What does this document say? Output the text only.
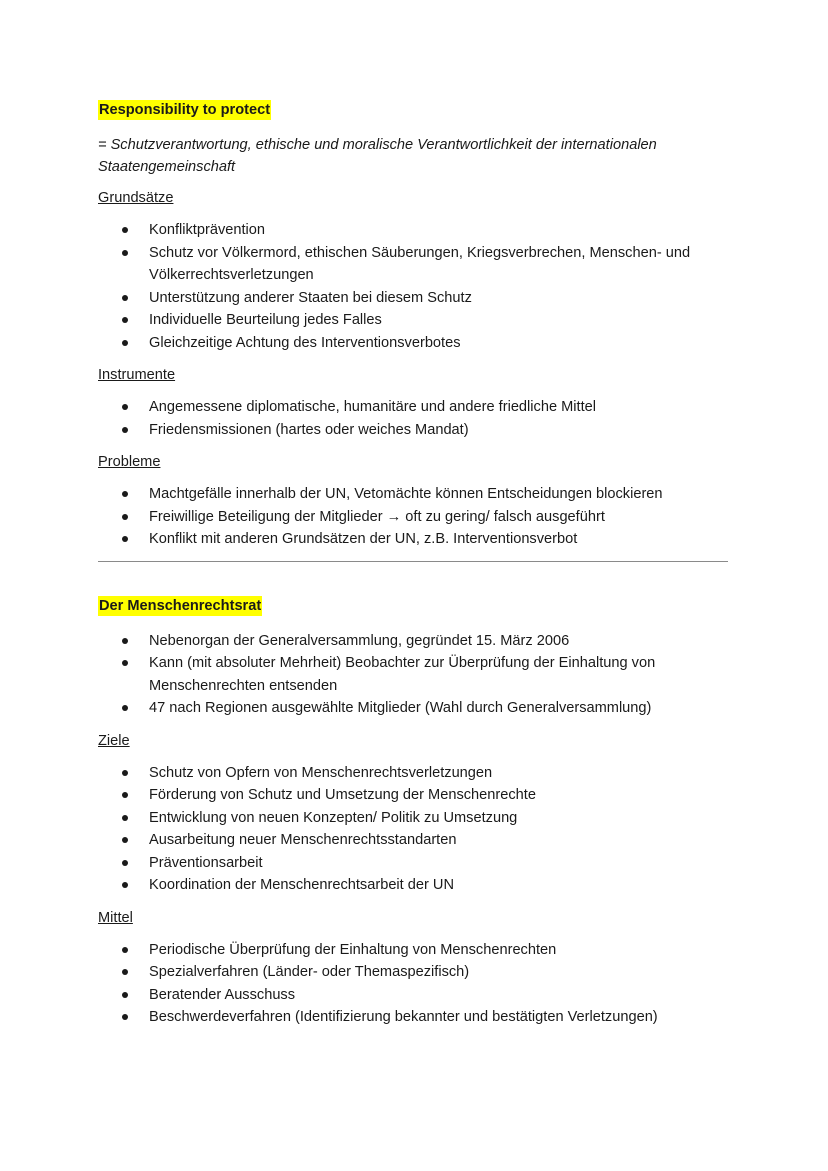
Responsibility to protect

= Schutzverantwortung, ethische und moralische Verantwortlichkeit der internationalen Staatengemeinschaft

Grundsätze

Konfliktprävention
Schutz vor Völkermord, ethischen Säuberungen, Kriegsverbrechen, Menschen- und Völkerrechtsverletzungen
Unterstützung anderer Staaten bei diesem Schutz
Individuelle Beurteilung jedes Falles
Gleichzeitige Achtung des Interventionsverbotes

Instrumente

Angemessene diplomatische, humanitäre und andere friedliche Mittel
Friedensmissionen (hartes oder weiches Mandat)

Probleme

Machtgefälle innerhalb der UN, Vetomächte können Entscheidungen blockieren
Freiwillige Beteiligung der Mitglieder → oft zu gering/ falsch ausgeführt
Konflikt mit anderen Grundsätzen der UN, z.B. Interventionsverbot
Der Menschenrechtsrat
Nebenorgan der Generalversammlung, gegründet 15. März 2006
Kann (mit absoluter Mehrheit) Beobachter zur Überprüfung der Einhaltung von Menschenrechten entsenden
47 nach Regionen ausgewählte Mitglieder (Wahl durch Generalversammlung)

Ziele

Schutz von Opfern von Menschenrechtsverletzungen
Förderung von Schutz und Umsetzung der Menschenrechte
Entwicklung von neuen Konzepten/ Politik zu Umsetzung
Ausarbeitung neuer Menschenrechtsstandarten
Präventionsarbeit
Koordination der Menschenrechtsarbeit der UN

Mittel

Periodische Überprüfung der Einhaltung von Menschenrechten
Spezialverfahren (Länder- oder Themaspezifisch)
Beratender Ausschuss
Beschwerdeverfahren (Identifizierung bekannter und bestätigten Verletzungen)
